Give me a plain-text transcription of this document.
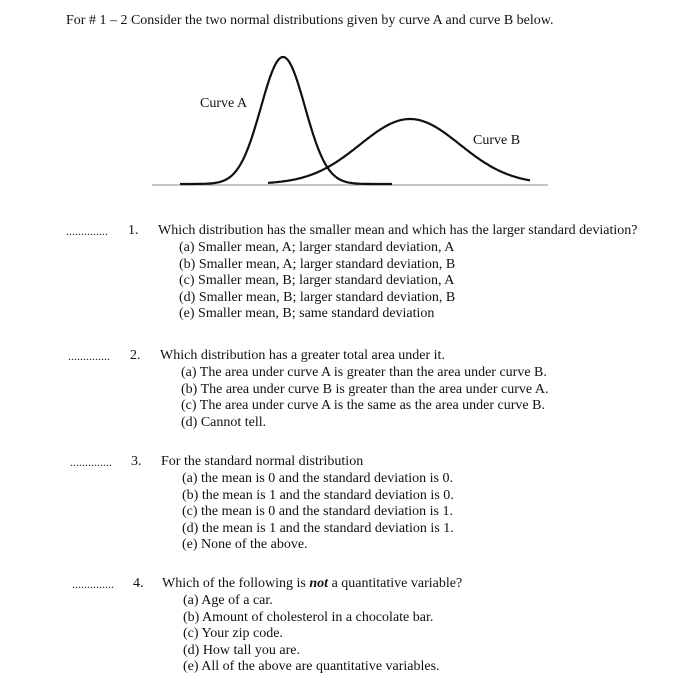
For # 1 – 2 Consider the two normal distributions given by curve A and curve B below.
Curve A
Curve B
.............. 1. Which distribution has the smaller mean and which has the larger standard deviation?
(a) Smaller mean, A; larger standard deviation, A
(b) Smaller mean, A; larger standard deviation, B
(c) Smaller mean, B; larger standard deviation, A
(d) Smaller mean, B; larger standard deviation, B
(e) Smaller mean, B; same standard deviation
.............. 2. Which distribution has a greater total area under it.
(a) The area under curve A is greater than the area under curve B.
(b) The area under curve B is greater than the area under curve A.
(c) The area under curve A is the same as the area under curve B.
(d) Cannot tell.
.............. 3. For the standard normal distribution
(a) the mean is 0 and the standard deviation is 0.
(b) the mean is 1 and the standard deviation is 0.
(c) the mean is 0 and the standard deviation is 1.
(d) the mean is 1 and the standard deviation is 1.
(e) None of the above.
.............. 4. Which of the following is not a quantitative variable?
(a) Age of a car.
(b) Amount of cholesterol in a chocolate bar.
(c) Your zip code.
(d) How tall you are.
(e) All of the above are quantitative variables.
